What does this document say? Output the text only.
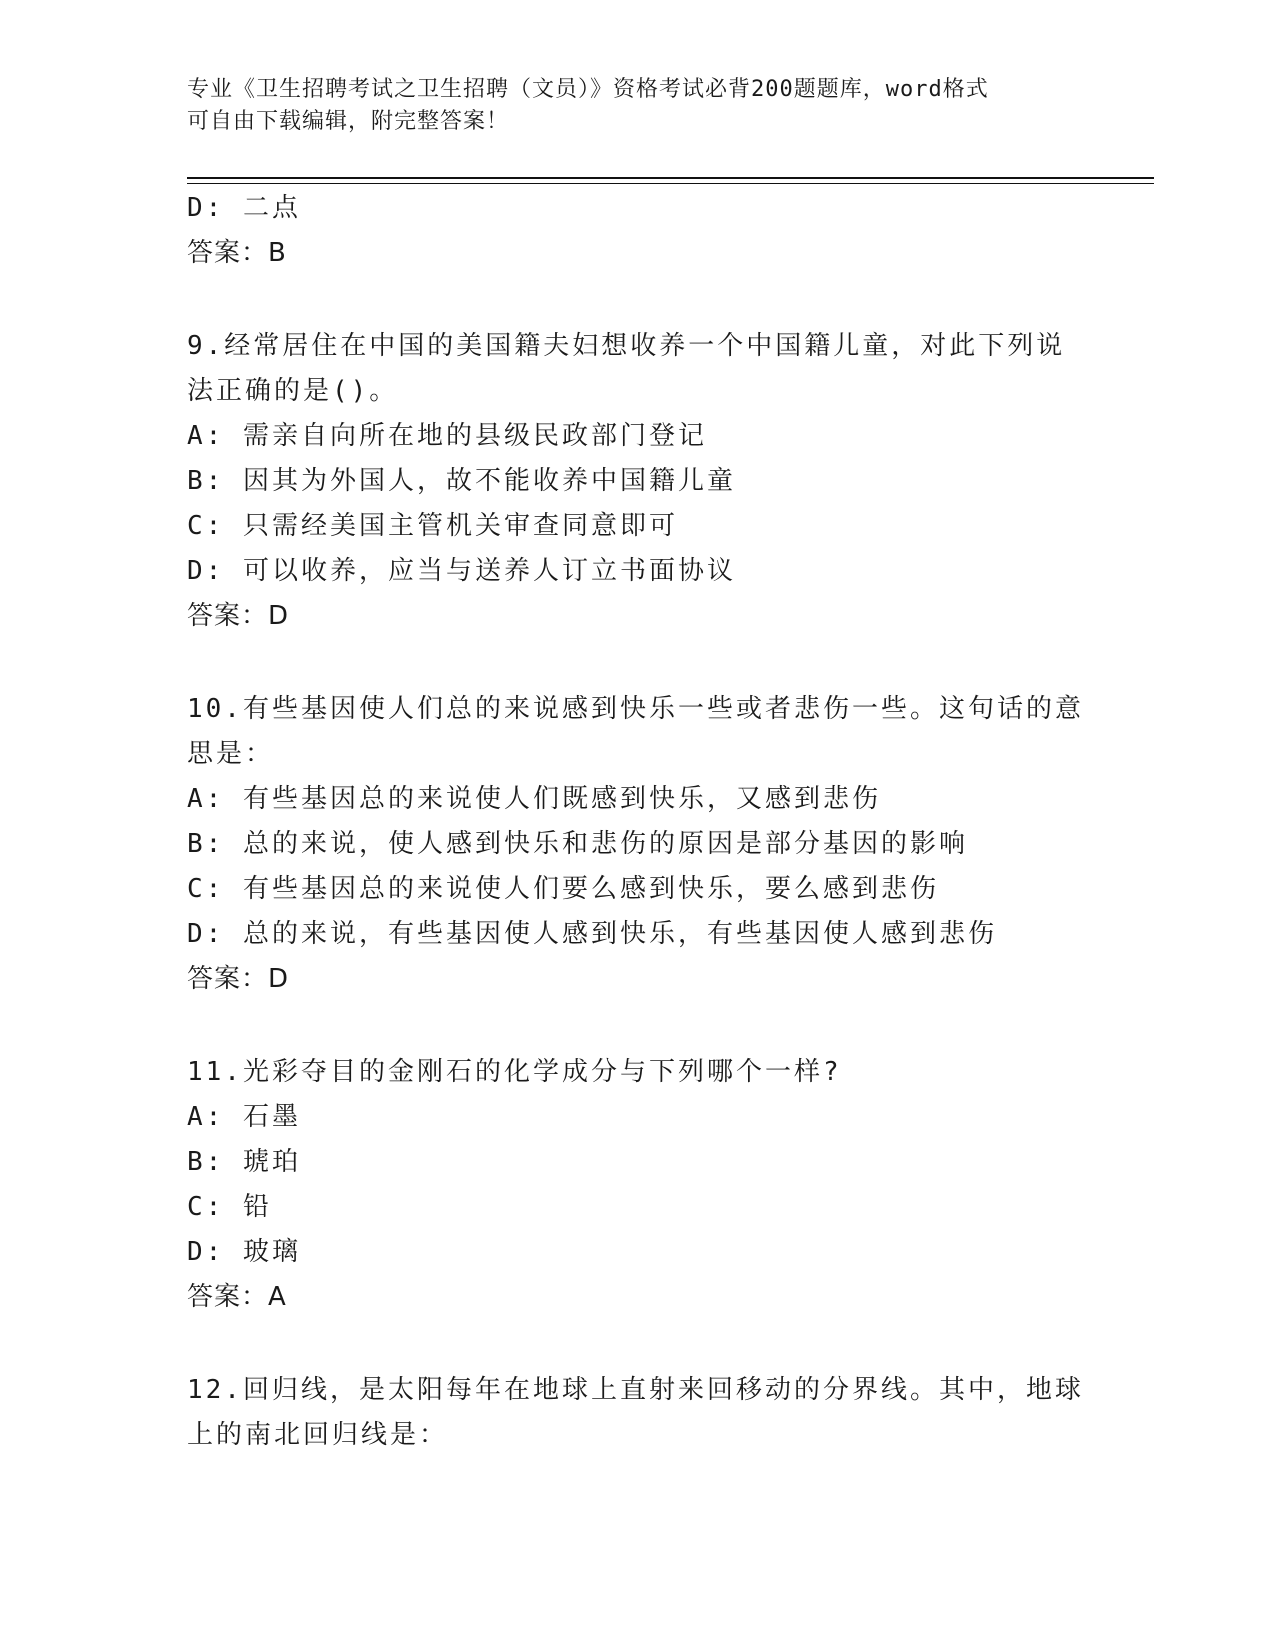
专业《卫生招聘考试之卫生招聘（文员）》资格考试必背200题题库，word格式
可自由下载编辑，附完整答案！
D: 二点
答案：B
9.经常居住在中国的美国籍夫妇想收养一个中国籍儿童，对此下列说
法正确的是()。
A: 需亲自向所在地的县级民政部门登记
B: 因其为外国人，故不能收养中国籍儿童
C: 只需经美国主管机关审查同意即可
D: 可以收养，应当与送养人订立书面协议
答案：D
10.有些基因使人们总的来说感到快乐一些或者悲伤一些。这句话的意
思是：
A: 有些基因总的来说使人们既感到快乐，又感到悲伤
B: 总的来说，使人感到快乐和悲伤的原因是部分基因的影响
C: 有些基因总的来说使人们要么感到快乐，要么感到悲伤
D: 总的来说，有些基因使人感到快乐，有些基因使人感到悲伤
答案：D
11.光彩夺目的金刚石的化学成分与下列哪个一样?
A: 石墨
B: 琥珀
C: 铅
D: 玻璃
答案：A
12.回归线，是太阳每年在地球上直射来回移动的分界线。其中，地球
上的南北回归线是：
